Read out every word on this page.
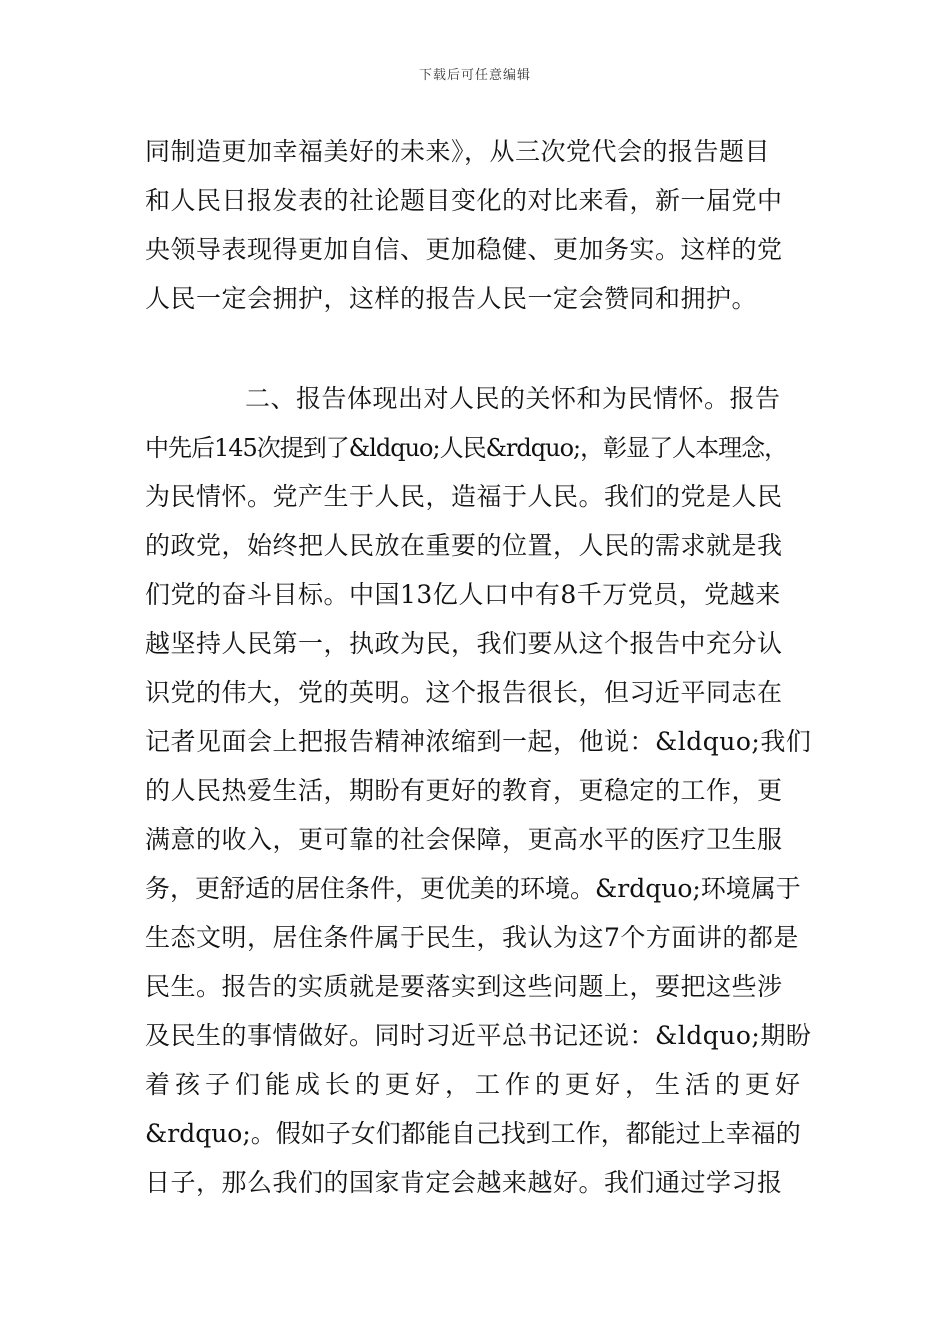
下载后可任意编辑
同制造更加幸福美好的未来》，从三次党代会的报告题目
和人民日报发表的社论题目变化的对比来看，新一届党中
央领导表现得更加自信、更加稳健、更加务实。这样的党
人民一定会拥护，这样的报告人民一定会赞同和拥护。
二、报告体现出对人民的关怀和为民情怀。报告
中先后145次提到了&ldquo;人民&rdquo;，彰显了人本理念，
为民情怀。党产生于人民，造福于人民。我们的党是人民
的政党，始终把人民放在重要的位置，人民的需求就是我
们党的奋斗目标。中国13亿人口中有8千万党员，党越来
越坚持人民第一，执政为民，我们要从这个报告中充分认
识党的伟大，党的英明。这个报告很长，但习近平同志在
记者见面会上把报告精神浓缩到一起，他说：&ldquo;我们
的人民热爱生活，期盼有更好的教育，更稳定的工作，更
满意的收入，更可靠的社会保障，更高水平的医疗卫生服
务，更舒适的居住条件，更优美的环境。&rdquo;环境属于
生态文明，居住条件属于民生，我认为这7个方面讲的都是
民生。报告的实质就是要落实到这些问题上，要把这些涉
及民生的事情做好。同时习近平总书记还说：&ldquo;期盼
着孩子们能成长的更好，工作的更好，生活的更好
&rdquo;。假如子女们都能自己找到工作，都能过上幸福的
日子，那么我们的国家肯定会越来越好。我们通过学习报
